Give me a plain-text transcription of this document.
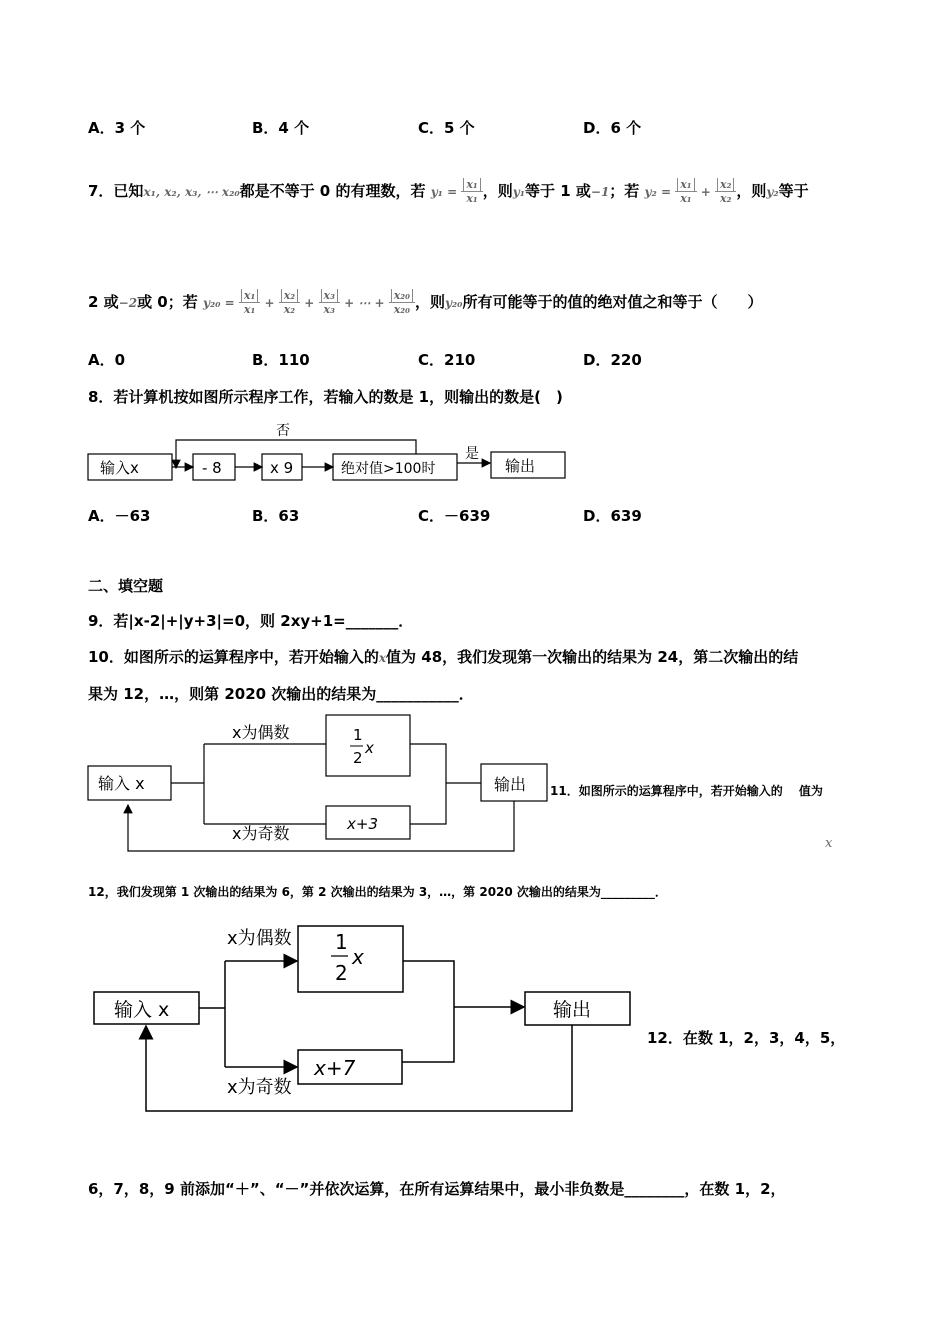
A．3 个	B．4 个	C．5 个	D．6 个
7．已知x₁, x₂, x₃, ⋯ x₂₀都是不等于 0 的有理数，若 $y_1 = \frac{\text{x₁}}{\text{x₁}}$ ，则y₁等于 1 或−1；若 $y_2 = \frac{\text{x₁}}{\text{x₁}} + \frac{\text{x₂}}{\text{x₂}}$ ，则y₂等于
2 或−2或 0；若 $y_{20} = \frac{\text{x₁}}{\text{x₁}} + \frac{\text{x₂}}{\text{x₂}} + \frac{\text{x₃}}{\text{x₃}}$ + ⋯ + $\frac{\text{x₂₀}}{\text{x₂₀}}$ ，则y₂₀所有可能等于的值的绝对值之和等于（　　）
A．0	B．110	C．210	D．220
8．若计算机按如图所示程序工作，若输入的数是 1，则输出的数是(　)
否
输入x	- 8	x 9	绝对值>100时
是
输出
A．－63	B．63	C．－639	D．639
二、填空题
9．若|x-2|+|y+3|=0，则 2xy+1=_______．
10．如图所示的运算程序中，若开始输入的x值为 48，我们发现第一次输出的结果为 24，第二次输出的结
果为 12，…，则第 2020 次输出的结果为___________．
x为偶数	1
2
x
输入 x
x+3
输出
x为奇数
11．如图所示的运算程序中，若开始输入的　 值为
x
12，我们发现第 1 次输出的结果为 6，第 2 次输出的结果为 3，…，第 2020 次输出的结果为_________．
x为偶数 1
2
x
输入 x
x+7
输出
x为奇数
12．在数 1，2，3，4，5，
6，7，8，9 前添加“＋”、“－”并依次运算，在所有运算结果中，最小非负数是________，在数 1，2，
